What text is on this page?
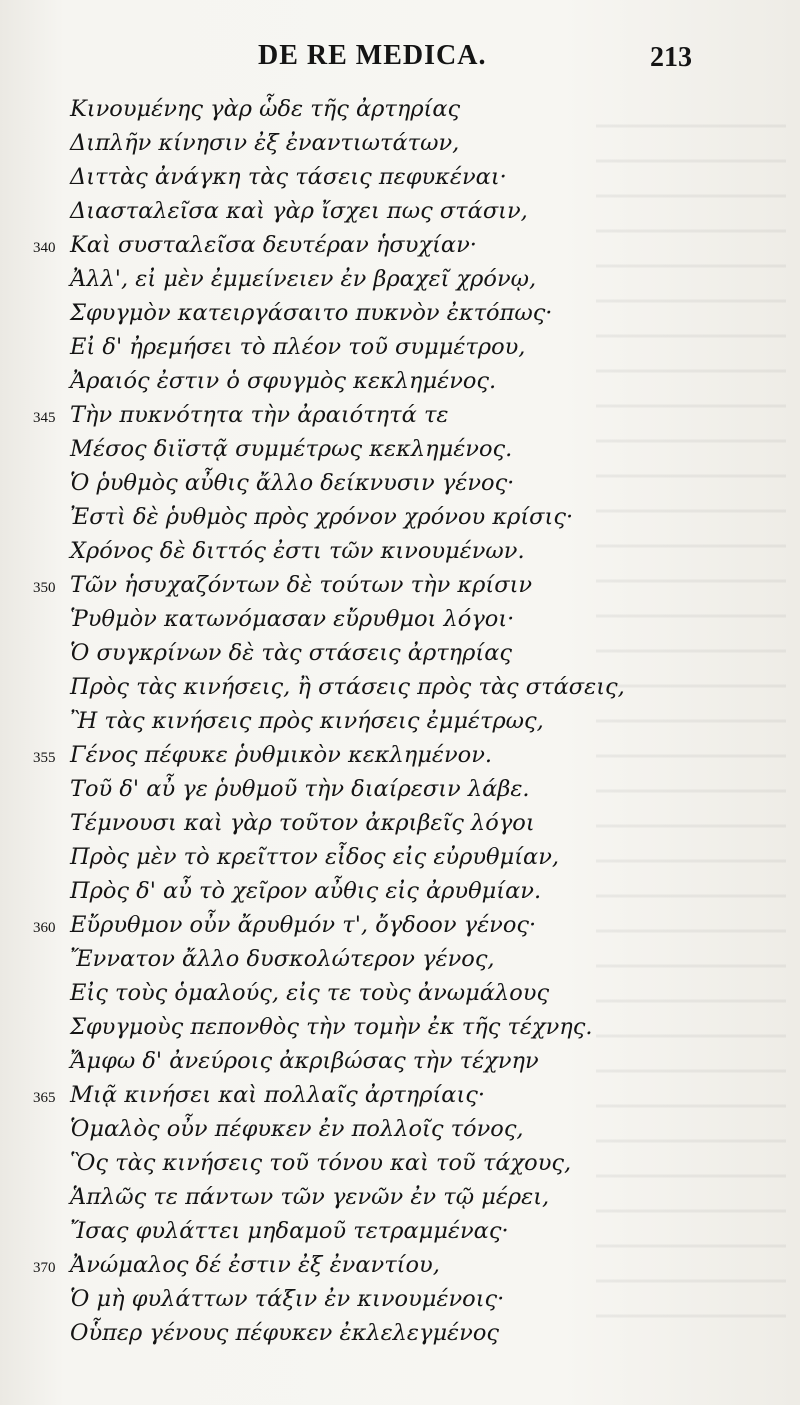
DE RE MEDICA.	213
Κινουμένης γὰρ ὧδε τῆς ἀρτηρίας
Διπλῆν κίνησιν ἐξ ἐναντιωτάτων,
Διττὰς ἀνάγκη τὰς τάσεις πεφυκέναι·
Διασταλεῖσα καὶ γὰρ ἴσχει πως στάσιν,
340 Καὶ συσταλεῖσα δευτέραν ἡσυχίαν·
Ἀλλ', εἰ μὲν ἐμμείνειεν ἐν βραχεῖ χρόνῳ,
Σφυγμὸν κατειργάσαιτο πυκνὸν ἐκτόπως·
Εἰ δ' ἠρεμήσει τὸ πλέον τοῦ συμμέτρου,
Ἀραιός ἐστιν ὁ σφυγμὸς κεκλημένος.
345 Τὴν πυκνότητα τὴν ἀραιότητά τε
Μέσος διϊστᾷ συμμέτρως κεκλημένος.
Ὁ ῥυθμὸς αὖθις ἄλλο δείκνυσιν γένος·
Ἐστὶ δὲ ῥυθμὸς πρὸς χρόνον χρόνου κρίσις·
Χρόνος δὲ διττός ἐστι τῶν κινουμένων.
350 Τῶν ἡσυχαζόντων δὲ τούτων τὴν κρίσιν
Ῥυθμὸν κατωνόμασαν εὔρυθμοι λόγοι·
Ὁ συγκρίνων δὲ τὰς στάσεις ἀρτηρίας
Πρὸς τὰς κινήσεις, ἢ στάσεις πρὸς τὰς στάσεις,
Ἢ τὰς κινήσεις πρὸς κινήσεις ἐμμέτρως,
355 Γένος πέφυκε ῥυθμικὸν κεκλημένον.
Τοῦ δ' αὖ γε ῥυθμοῦ τὴν διαίρεσιν λάβε.
Τέμνουσι καὶ γὰρ τοῦτον ἀκριβεῖς λόγοι
Πρὸς μὲν τὸ κρεῖττον εἶδος εἰς εὐρυθμίαν,
Πρὸς δ' αὖ τὸ χεῖρον αὖθις εἰς ἀρυθμίαν.
360 Εὔρυθμον οὖν ἄρυθμόν τ', ὄγδοον γένος·
Ἔννατον ἄλλο δυσκολώτερον γένος,
Εἰς τοὺς ὁμαλούς, εἰς τε τοὺς ἀνωμάλους
Σφυγμοὺς πεπονθὸς τὴν τομὴν ἐκ τῆς τέχνης.
Ἄμφω δ' ἀνεύροις ἀκριβώσας τὴν τέχνην
365 Μιᾷ κινήσει καὶ πολλαῖς ἀρτηρίαις·
Ὁμαλὸς οὖν πέφυκεν ἐν πολλοῖς τόνος,
Ὃς τὰς κινήσεις τοῦ τόνου καὶ τοῦ τάχους,
Ἁπλῶς τε πάντων τῶν γενῶν ἐν τῷ μέρει,
Ἴσας φυλάττει μηδαμοῦ τετραμμένας·
370 Ἀνώμαλος δέ ἐστιν ἐξ ἐναντίου,
Ὁ μὴ φυλάττων τάξιν ἐν κινουμένοις·
Οὗπερ γένους πέφυκεν ἐκλελεγμένος
